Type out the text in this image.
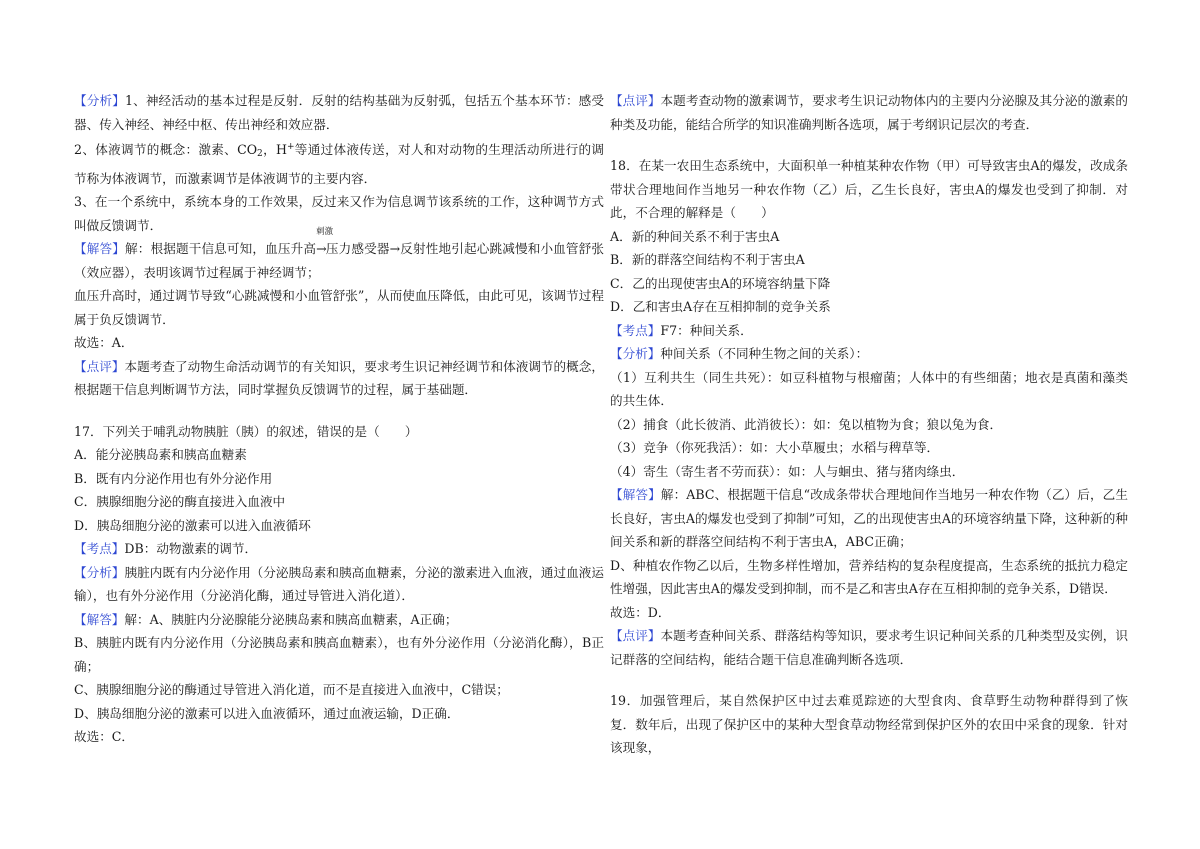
【分析】1、神经活动的基本过程是反射．反射的结构基础为反射弧，包括五个基本环节：感受器、传入神经、神经中枢、传出神经和效应器．

2、体液调节的概念：激素、$CO_2$，H+等通过体液传送，对人和对动物的生理活动所进行的调节称为体液调节，而激素调节是体液调节的主要内容．

3、在一个系统中，系统本身的工作效果，反过来又作为信息调节该系统的工作，这种调节方式叫做反馈调节．

【解答】解：根据题干信息可知，血压升高
刺激
→压力感受器→反射性地引起心跳减慢和小血管舒张（效应器），表明该调节过程属于神经调节；

血压升高时，通过调节导致“心跳减慢和小血管舒张”，从而使血压降低，由此可见，该调节过程属于负反馈调节．

故选：A．

【点评】本题考查了动物生命活动调节的有关知识，要求考生识记神经调节和体液调节的概念，根据题干信息判断调节方法，同时掌握负反馈调节的过程，属于基础题．

17．下列关于哺乳动物胰脏（胰）的叙述，错误的是（　　）

A．能分泌胰岛素和胰高血糖素

B．既有内分泌作用也有外分泌作用

C．胰腺细胞分泌的酶直接进入血液中

D．胰岛细胞分泌的激素可以进入血液循环

【考点】DB：动物激素的调节．

【分析】胰脏内既有内分泌作用（分泌胰岛素和胰高血糖素，分泌的激素进入血液，通过血液运输），也有外分泌作用（分泌消化酶，通过导管进入消化道）．

【解答】解：A、胰脏内分泌腺能分泌胰岛素和胰高血糖素，A正确；

B、胰脏内既有内分泌作用（分泌胰岛素和胰高血糖素），也有外分泌作用（分泌消化酶），B正确；

C、胰腺细胞分泌的酶通过导管进入消化道，而不是直接进入血液中，C错误；

D、胰岛细胞分泌的激素可以进入血液循环，通过血液运输，D正确．

故选：C．

【点评】本题考查动物的激素调节，要求考生识记动物体内的主要内分泌腺及其分泌的激素的种类及功能，能结合所学的知识准确判断各选项，属于考纲识记层次的考查．

18．在某一农田生态系统中，大面积单一种植某种农作物（甲）可导致害虫A的爆发，改成条带状合理地间作当地另一种农作物（乙）后，乙生长良好，害虫A的爆发也受到了抑制．对此，不合理的解释是（　　）

A．新的种间关系不利于害虫A

B．新的群落空间结构不利于害虫A

C．乙的出现使害虫A的环境容纳量下降

D．乙和害虫A存在互相抑制的竞争关系

【考点】F7：种间关系．

【分析】种间关系（不同种生物之间的关系）：

（1）互利共生（同生共死）：如豆科植物与根瘤菌；人体中的有些细菌；地衣是真菌和藻类的共生体．

（2）捕食（此长彼消、此消彼长）：如：兔以植物为食；狼以兔为食．

（3）竞争（你死我活）：如：大小草履虫；水稻与稗草等．

（4）寄生（寄生者不劳而获）：如：人与蛔虫、猪与猪肉绦虫．

【解答】解：ABC、根据题干信息“改成条带状合理地间作当地另一种农作物（乙）后，乙生长良好，害虫A的爆发也受到了抑制”可知，乙的出现使害虫A的环境容纳量下降，这种新的种间关系和新的群落空间结构不利于害虫A，ABC正确；

D、种植农作物乙以后，生物多样性增加，营养结构的复杂程度提高，生态系统的抵抗力稳定性增强，因此害虫A的爆发受到抑制，而不是乙和害虫A存在互相抑制的竞争关系，D错误．

故选：D．

【点评】本题考查种间关系、群落结构等知识，要求考生识记种间关系的几种类型及实例，识记群落的空间结构，能结合题干信息准确判断各选项．

19．加强管理后，某自然保护区中过去难觅踪迹的大型食肉、食草野生动物种群得到了恢复．数年后，出现了保护区中的某种大型食草动物经常到保护区外的农田中采食的现象．针对该现象，
